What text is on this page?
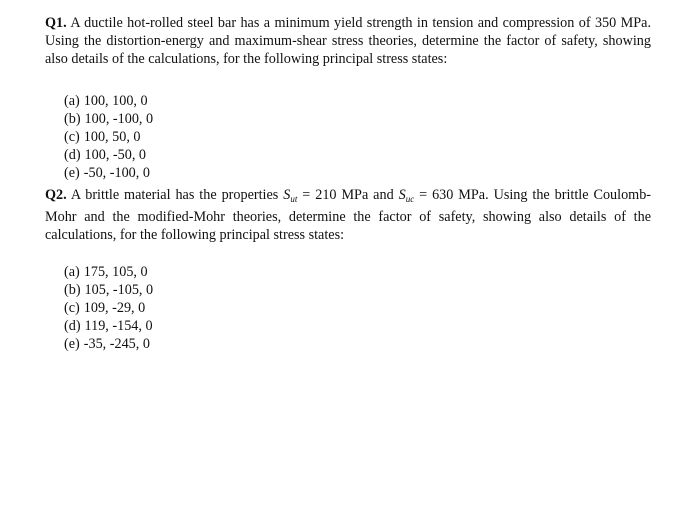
Q1. A ductile hot-rolled steel bar has a minimum yield strength in tension and compression of 350 MPa. Using the distortion-energy and maximum-shear stress theories, determine the factor of safety, showing also details of the calculations, for the following principal stress states:

(a) 100, 100, 0
(b) 100, -100, 0
(c) 100, 50, 0
(d) 100, -50, 0
(e) -50, -100, 0

Q2. A brittle material has the properties $S_{ut} = 210$ MPa and $S_{uc} = 630$ MPa. Using the brittle Coulomb-Mohr and the modified-Mohr theories, determine the factor of safety, showing also details of the calculations, for the following principal stress states:

(a) 175, 105, 0
(b) 105, -105, 0
(c) 109, -29, 0
(d) 119, -154, 0
(e) -35, -245, 0
